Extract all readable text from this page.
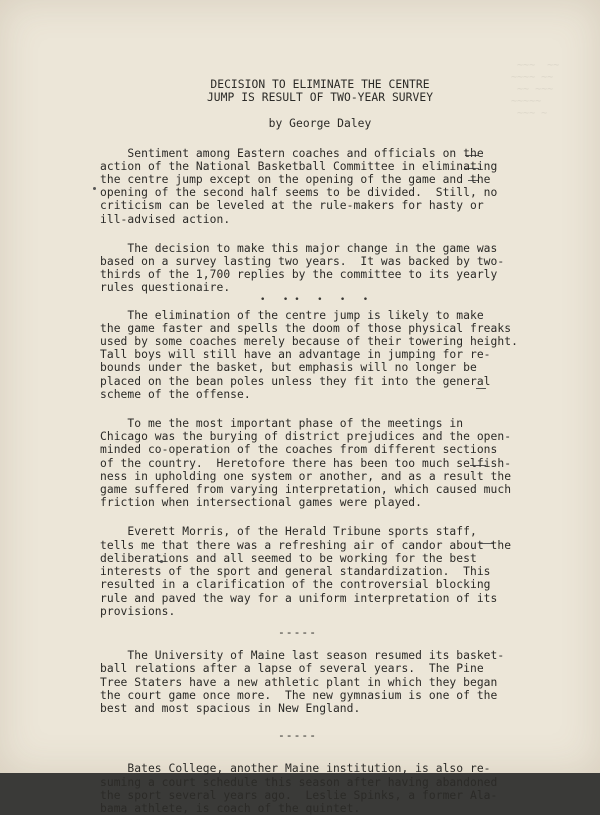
~~~  ~~
~~~~ ~~
~~ ~~~
~~~~~
~~~ ~
DECISION TO ELIMINATE THE CENTRE
JUMP IS RESULT OF TWO-YEAR SURVEY
by George Daley
Sentiment among Eastern coaches and officials on the
action of the National Basketball Committee in eliminating
the centre jump except on the opening of the game and the
opening of the second half seems to be divided.  Still, no
criticism can be leveled at the rule-makers for hasty or
ill-advised action.
The decision to make this major change in the game was
based on a survey lasting two years.  It was backed by two-
thirds of the 1,700 replies by the committee to its yearly
rules questionaire.
• •• • • •
The elimination of the centre jump is likely to make
the game faster and spells the doom of those physical freaks
used by some coaches merely because of their towering height.
Tall boys will still have an advantage in jumping for re-
bounds under the basket, but emphasis will no longer be
placed on the bean poles unless they fit into the general
scheme of the offense.
To me the most important phase of the meetings in
Chicago was the burying of district prejudices and the open-
minded co-operation of the coaches from different sections
of the country.  Heretofore there has been too much selfish-
ness in upholding one system or another, and as a result the
game suffered from varying interpretation, which caused much
friction when intersectional games were played.
Everett Morris, of the Herald Tribune sports staff,
tells me that there was a refreshing air of candor about the
deliberations and all seemed to be working for the best
interests of the sport and general standardization.  This
resulted in a clarification of the controversial blocking
rule and paved the way for a uniform interpretation of its
provisions.
-----
The University of Maine last season resumed its basket-
ball relations after a lapse of several years.  The Pine
Tree Staters have a new athletic plant in which they began
the court game once more.  The new gymnasium is one of the
best and most spacious in New England.
-----
Bates College, another Maine institution, is also re-
suming a court schedule this season after having abandoned
the sport several years ago.  Leslie Spinks, a former Ala-
bama athlete, is coach of the quintet.
